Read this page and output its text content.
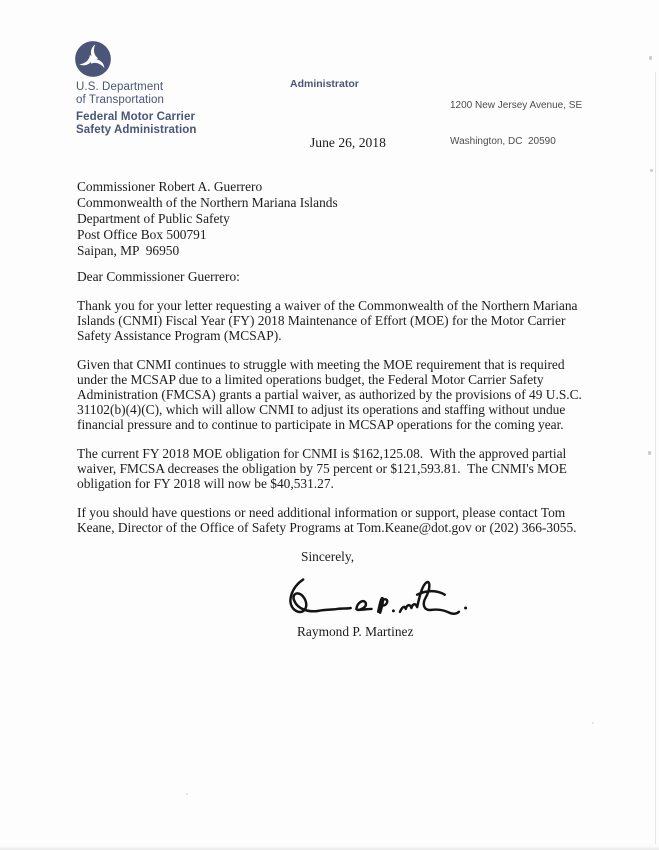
U.S. Department
of Transportation
Federal Motor Carrier
Safety Administration
Administrator

1200 New Jersey Avenue, SE

Washington, DC  20590

June 26, 2018
Commissioner Robert A. Guerrero
Commonwealth of the Northern Mariana Islands
Department of Public Safety
Post Office Box 500791
Saipan, MP  96950
Dear Commissioner Guerrero:

Thank you for your letter requesting a waiver of the Commonwealth of the Northern Mariana Islands (CNMI) Fiscal Year (FY) 2018 Maintenance of Effort (MOE) for the Motor Carrier Safety Assistance Program (MCSAP).

Given that CNMI continues to struggle with meeting the MOE requirement that is required under the MCSAP due to a limited operations budget, the Federal Motor Carrier Safety Administration (FMCSA) grants a partial waiver, as authorized by the provisions of 49 U.S.C. 31102(b)(4)(C), which will allow CNMI to adjust its operations and staffing without undue financial pressure and to continue to participate in MCSAP operations for the coming year.

The current FY 2018 MOE obligation for CNMI is $162,125.08.  With the approved partial waiver, FMCSA decreases the obligation by 75 percent or $121,593.81.  The CNMI's MOE obligation for FY 2018 will now be $40,531.27.

If you should have questions or need additional information or support, please contact Tom Keane, Director of the Office of Safety Programs at Tom.Keane@dot.gov or (202) 366-3055.

Sincerely,
Raymond P. Martinez
